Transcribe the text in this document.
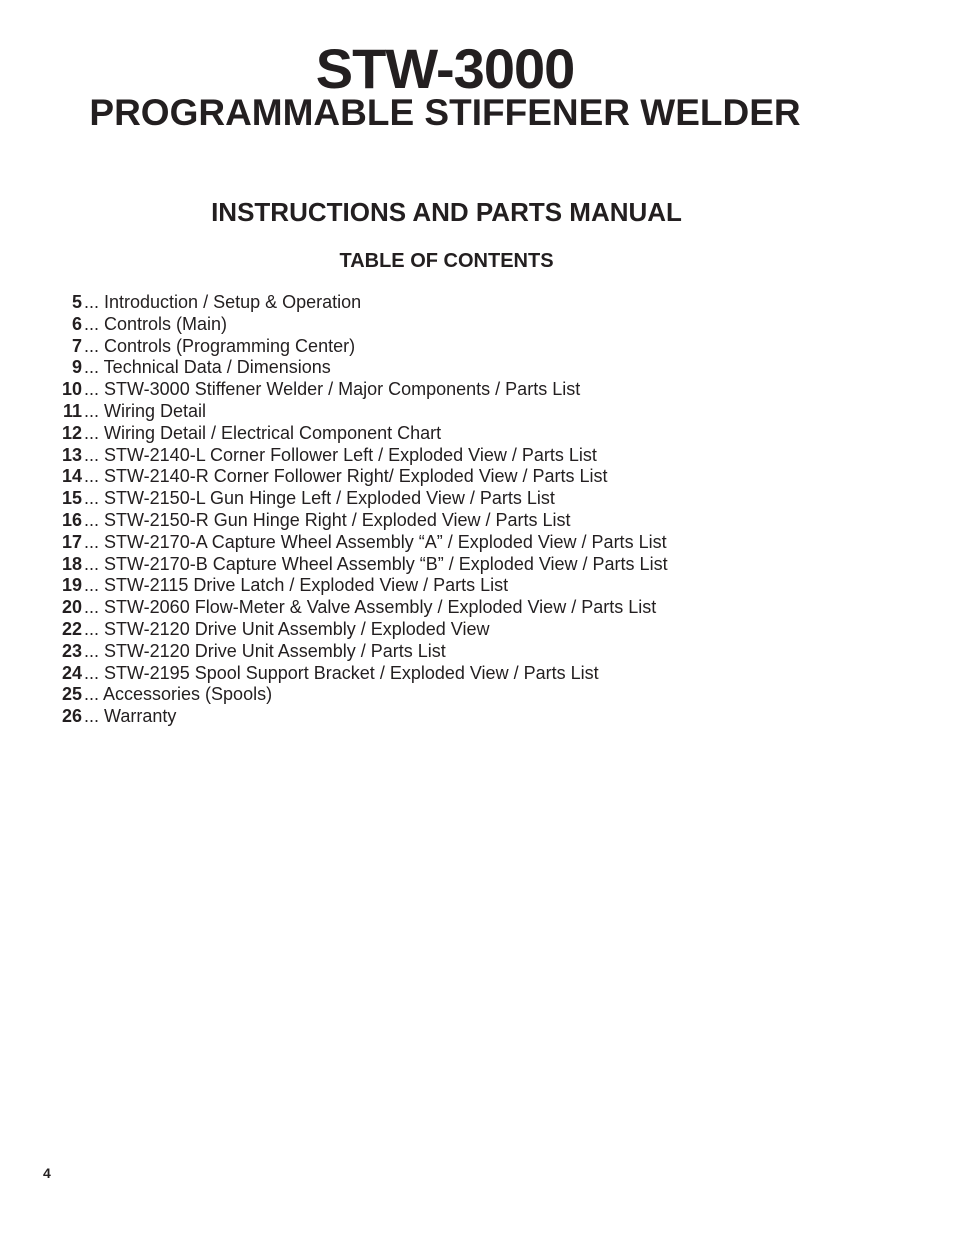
STW-3000
PROGRAMMABLE STIFFENER WELDER
INSTRUCTIONS AND PARTS MANUAL
TABLE OF CONTENTS
5 ... Introduction / Setup & Operation
6 ... Controls (Main)
7 ... Controls (Programming Center)
9 ... Technical Data / Dimensions
10 ... STW-3000 Stiffener Welder / Major Components / Parts List
11 ... Wiring Detail
12 ... Wiring Detail / Electrical Component Chart
13 ... STW-2140-L Corner Follower Left / Exploded View / Parts List
14 ... STW-2140-R Corner Follower Right/ Exploded View / Parts List
15 ... STW-2150-L Gun Hinge Left / Exploded View / Parts List
16 ... STW-2150-R Gun Hinge Right / Exploded View / Parts List
17 ... STW-2170-A Capture Wheel Assembly “A” / Exploded View / Parts List
18 ... STW-2170-B Capture Wheel Assembly “B” / Exploded View / Parts List
19 ... STW-2115 Drive Latch / Exploded View / Parts List
20 ... STW-2060 Flow-Meter & Valve Assembly / Exploded View / Parts List
22 ... STW-2120 Drive Unit Assembly / Exploded View
23 ... STW-2120 Drive Unit Assembly / Parts List
24 ... STW-2195 Spool Support Bracket / Exploded View / Parts List
25 ... Accessories (Spools)
26 ... Warranty
4
